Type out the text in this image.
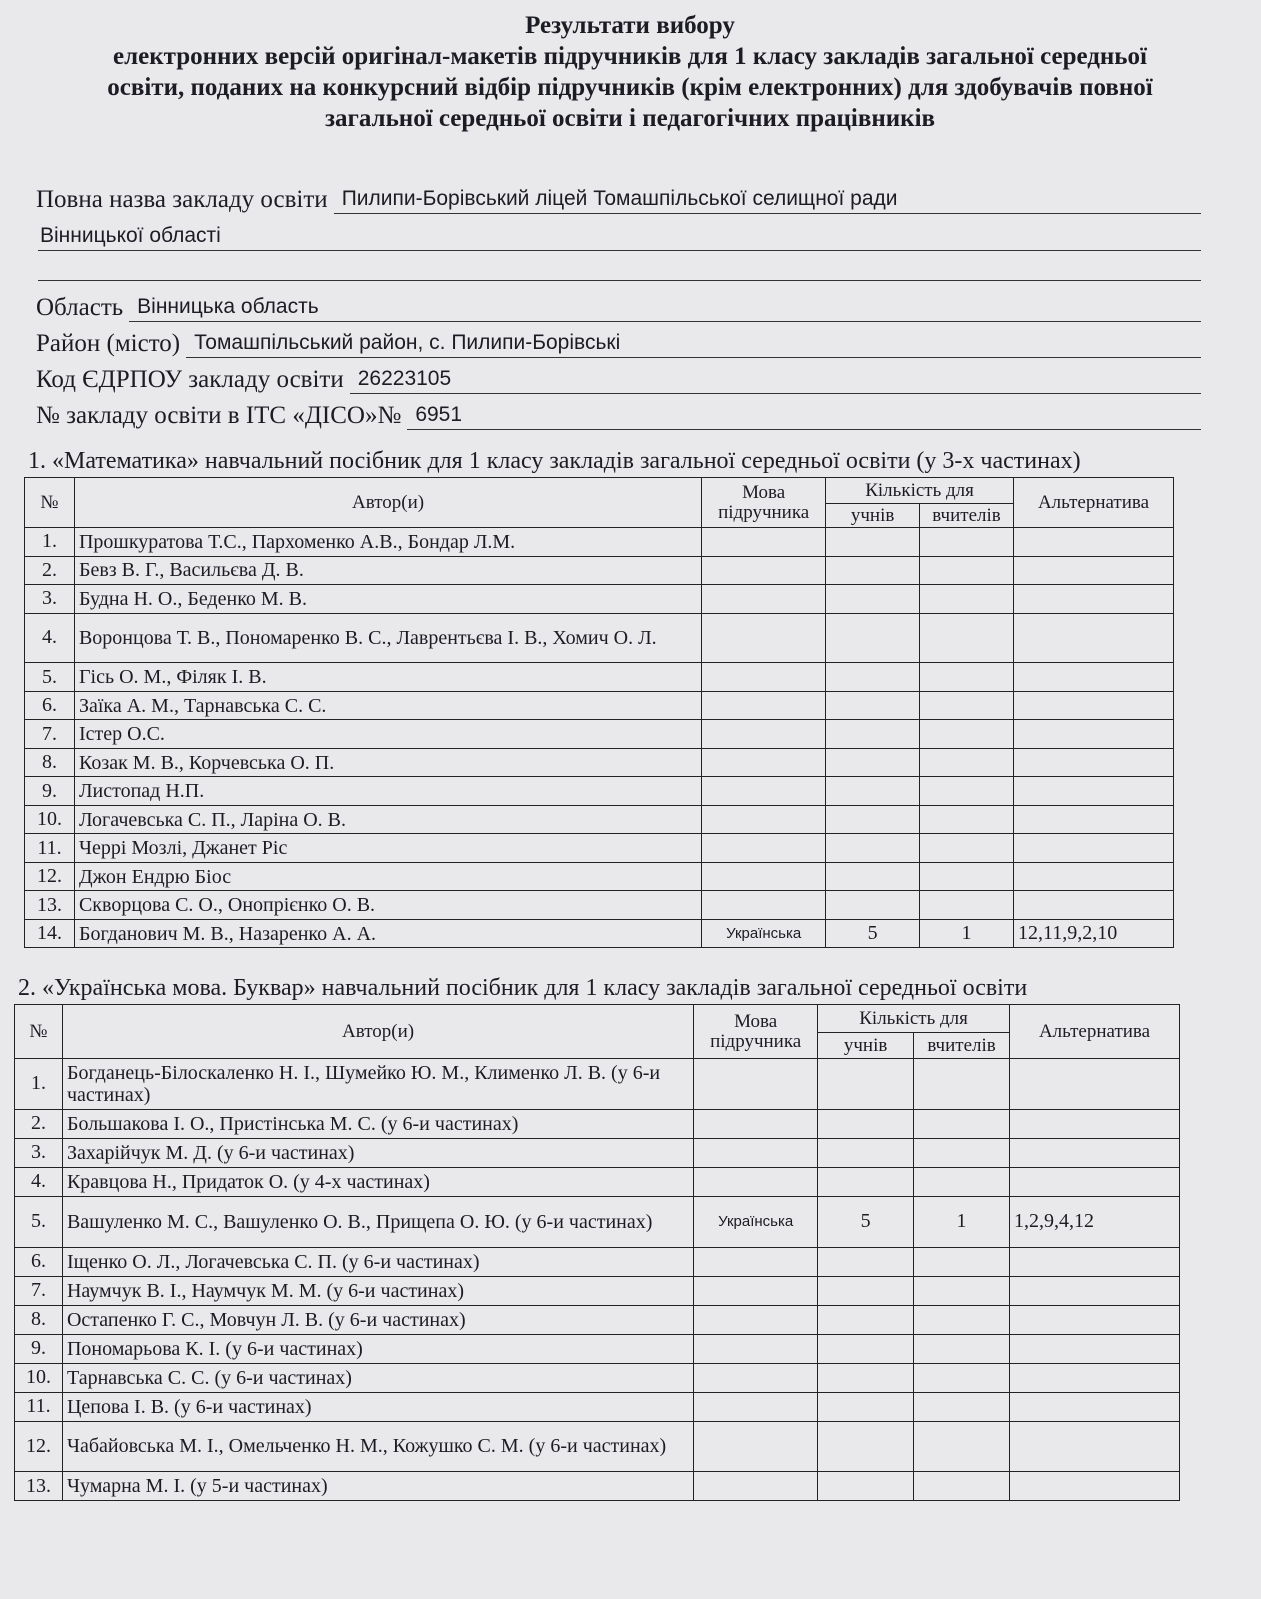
Результати вибору
електронних версій оригінал-макетів підручників для 1 класу закладів загальної середньої освіти, поданих на конкурсний відбір підручників (крім електронних) для здобувачів повної загальної середньої освіти і педагогічних працівників
Повна назва закладу освіти Пилипи-Борівський ліцей Томашпільської селищної ради
Вінницької області
Область Вінницька область
Район (місто) Томашпільський район, с. Пилипи-Борівські
Код ЄДРПОУ закладу освіти 26223105
№ закладу освіти в ІТС «ДІСО»№ 6951
1. «Математика» навчальний посібник для 1 класу закладів загальної середньої освіти (у 3-х частинах)
№	Автор(и)	Мова підручника	Кількість для		Альтернатива
			учнів	вчителів	
1.	Прошкуратова Т.С., Пархоменко А.В., Бондар Л.М.				
2.	Бевз В. Г., Васильєва Д. В.				
3.	Будна Н. О., Беденко М. В.				
4.	Воронцова Т. В., Пономаренко В. С., Лаврентьєва І. В., Хомич О. Л.				
5.	Гісь О. М., Філяк І. В.				
6.	Заїка А. М., Тарнавська С. С.				
7.	Істер О.С.				
8.	Козак М. В., Корчевська О. П.				
9.	Листопад Н.П.				
10.	Логачевська С. П., Ларіна О. В.				
11.	Черрі Мозлі, Джанет Ріс				
12.	Джон Ендрю Біос				
13.	Скворцова С. О., Онопрієнко О. В.				
14.	Богданович М. В., Назаренко А. А.	Українська	5	1	12,11,9,2,10
2. «Українська мова. Буквар» навчальний посібник для 1 класу закладів загальної середньої освіти
№	Автор(и)	Мова підручника	Кількість для		Альтернатива
			учнів	вчителів	
1.	Богданець-Білоскаленко Н. І., Шумейко Ю. М., Клименко Л. В. (у 6-и частинах)				
2.	Большакова І. О., Пристінська М. С. (у 6-и частинах)				
3.	Захарійчук М. Д. (у 6-и частинах)				
4.	Кравцова Н., Придаток О. (у 4-х частинах)				
5.	Вашуленко М. С., Вашуленко О. В., Прищепа О. Ю. (у 6-и частинах)	Українська	5	1	1,2,9,4,12
6.	Іщенко О. Л., Логачевська С. П. (у 6-и частинах)				
7.	Наумчук В. І., Наумчук М. М. (у 6-и частинах)				
8.	Остапенко Г. С., Мовчун Л. В. (у 6-и частинах)				
9.	Пономарьова К. І. (у 6-и частинах)				
10.	Тарнавська С. С. (у 6-и частинах)				
11.	Цепова І. В. (у 6-и частинах)				
12.	Чабайовська М. І., Омельченко Н. М., Кожушко С. М. (у 6-и частинах)				
13.	Чумарна М. І. (у 5-и частинах)				
